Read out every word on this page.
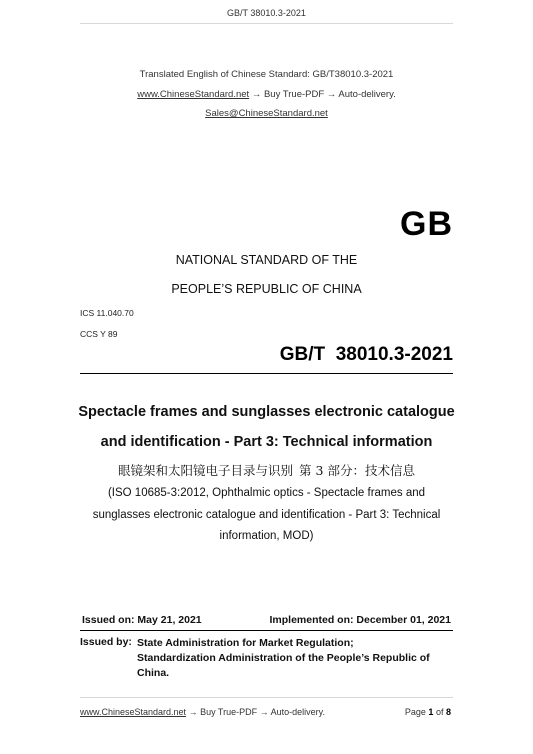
GB/T 38010.3-2021
Translated English of Chinese Standard: GB/T38010.3-2021
www.ChineseStandard.net → Buy True-PDF → Auto-delivery.
Sales@ChineseStandard.net
GB
NATIONAL STANDARD OF THE
PEOPLE’S REPUBLIC OF CHINA
ICS 11.040.70
CCS Y 89
GB/T  38010.3-2021
Spectacle frames and sunglasses electronic catalogue
and identification - Part 3: Technical information
眼镜架和太阳镜电子目录与识别 第 3 部分：技术信息
(ISO 10685-3:2012, Ophthalmic optics - Spectacle frames and
sunglasses electronic catalogue and identification - Part 3: Technical
information, MOD)
Issued on: May 21, 2021	Implemented on: December 01, 2021
Issued by: State Administration for Market Regulation;
Standardization Administration of the People’s Republic of
China.
www.ChineseStandard.net → Buy True-PDF → Auto-delivery.	Page 1 of 8
